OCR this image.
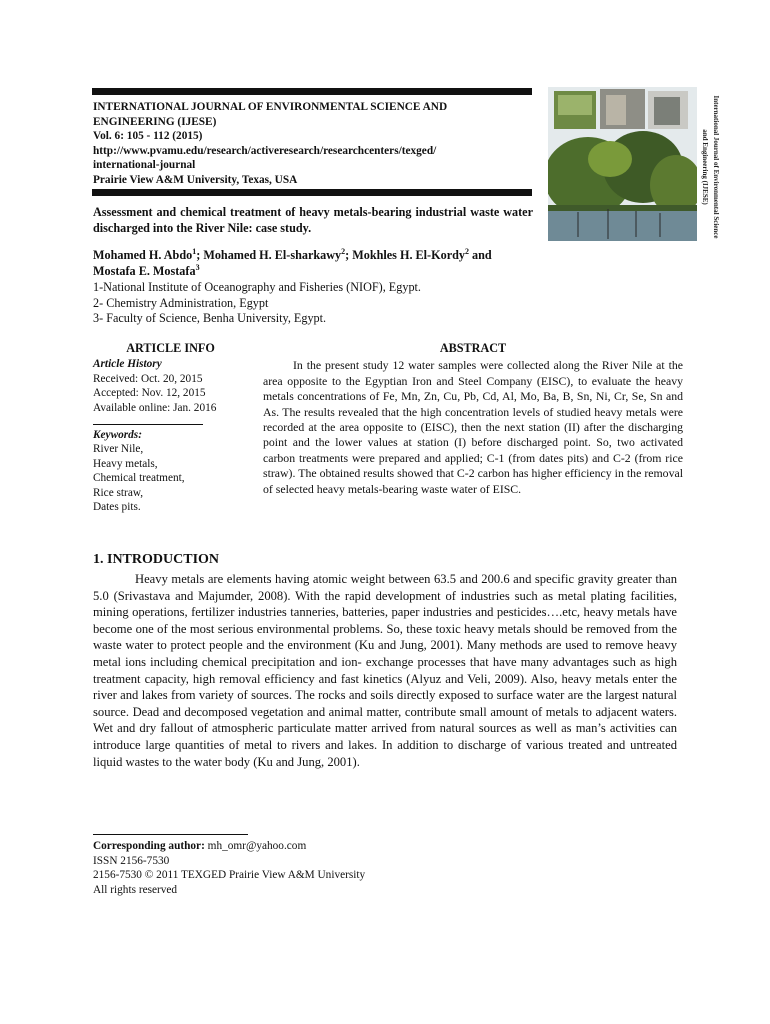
INTERNATIONAL JOURNAL OF ENVIRONMENTAL SCIENCE AND
ENGINEERING (IJESE)
Vol. 6: 105 - 112 (2015)
http://www.pvamu.edu/research/activeresearch/researchcenters/texged/
international-journal
Prairie View A&M University, Texas, USA	International Journal of Environmental Science
and Engineering (IJESE)
Assessment and chemical treatment of heavy metals-bearing industrial waste water discharged into the River Nile: case study.
Mohamed H. Abdo$^1$; Mohamed H. El-sharkawy$^2$; Mokhles H. El-Kordy$^2$ and
Mostafa E. Mostafa$^3$
1-National Institute of Oceanography and Fisheries (NIOF), Egypt.
2- Chemistry Administration, Egypt
3- Faculty of Science, Benha University, Egypt.
ARTICLE INFO
Article History
Received: Oct. 20, 2015
Accepted: Nov. 12, 2015
Available online: Jan. 2016
Keywords:
River Nile,
Heavy metals,
Chemical treatment,
Rice straw,
Dates pits.
ABSTRACT
In the present study 12 water samples were collected along the River Nile at the area opposite to the Egyptian Iron and Steel Company (EISC), to evaluate the heavy metals concentrations of Fe, Mn, Zn, Cu, Pb, Cd, Al, Mo, Ba, B, Sn, Ni, Cr, Se, Sn and As. The results revealed that the high concentration levels of studied heavy metals were recorded at the area opposite to (EISC), then the next station (II) after the discharging point and the lower values at station (I) before discharged point. So, two activated carbon treatments were prepared and applied; C-1 (from dates pits) and C-2 (from rice straw). The obtained results showed that C-2 carbon has higher efficiency in the removal of selected heavy metals-bearing waste water of EISC.
1. INTRODUCTION
Heavy metals are elements having atomic weight between 63.5 and 200.6 and specific gravity greater than 5.0 (Srivastava and Majumder, 2008). With the rapid development of industries such as metal plating facilities, mining operations, fertilizer industries tanneries, batteries, paper industries and pesticides….etc, heavy metals have become one of the most serious environmental problems. So, these toxic heavy metals should be removed from the waste water to protect people and the environment (Ku and Jung, 2001). Many methods are used to remove heavy metal ions including chemical precipitation and ion- exchange processes that have many advantages such as high treatment capacity, high removal efficiency and fast kinetics (Alyuz and Veli, 2009). Also, heavy metals enter the river and lakes from variety of sources. The rocks and soils directly exposed to surface water are the largest natural source. Dead and decomposed vegetation and animal matter, contribute small amount of metals to adjacent waters. Wet and dry fallout of atmospheric particulate matter arrived from natural sources as well as man’s activities can introduce large quantities of metal to rivers and lakes. In addition to discharge of various treated and untreated liquid wastes to the water body (Ku and Jung, 2001).
Corresponding author: mh_omr@yahoo.com
ISSN 2156-7530
2156-7530 © 2011 TEXGED Prairie View A&M University
All rights reserved
